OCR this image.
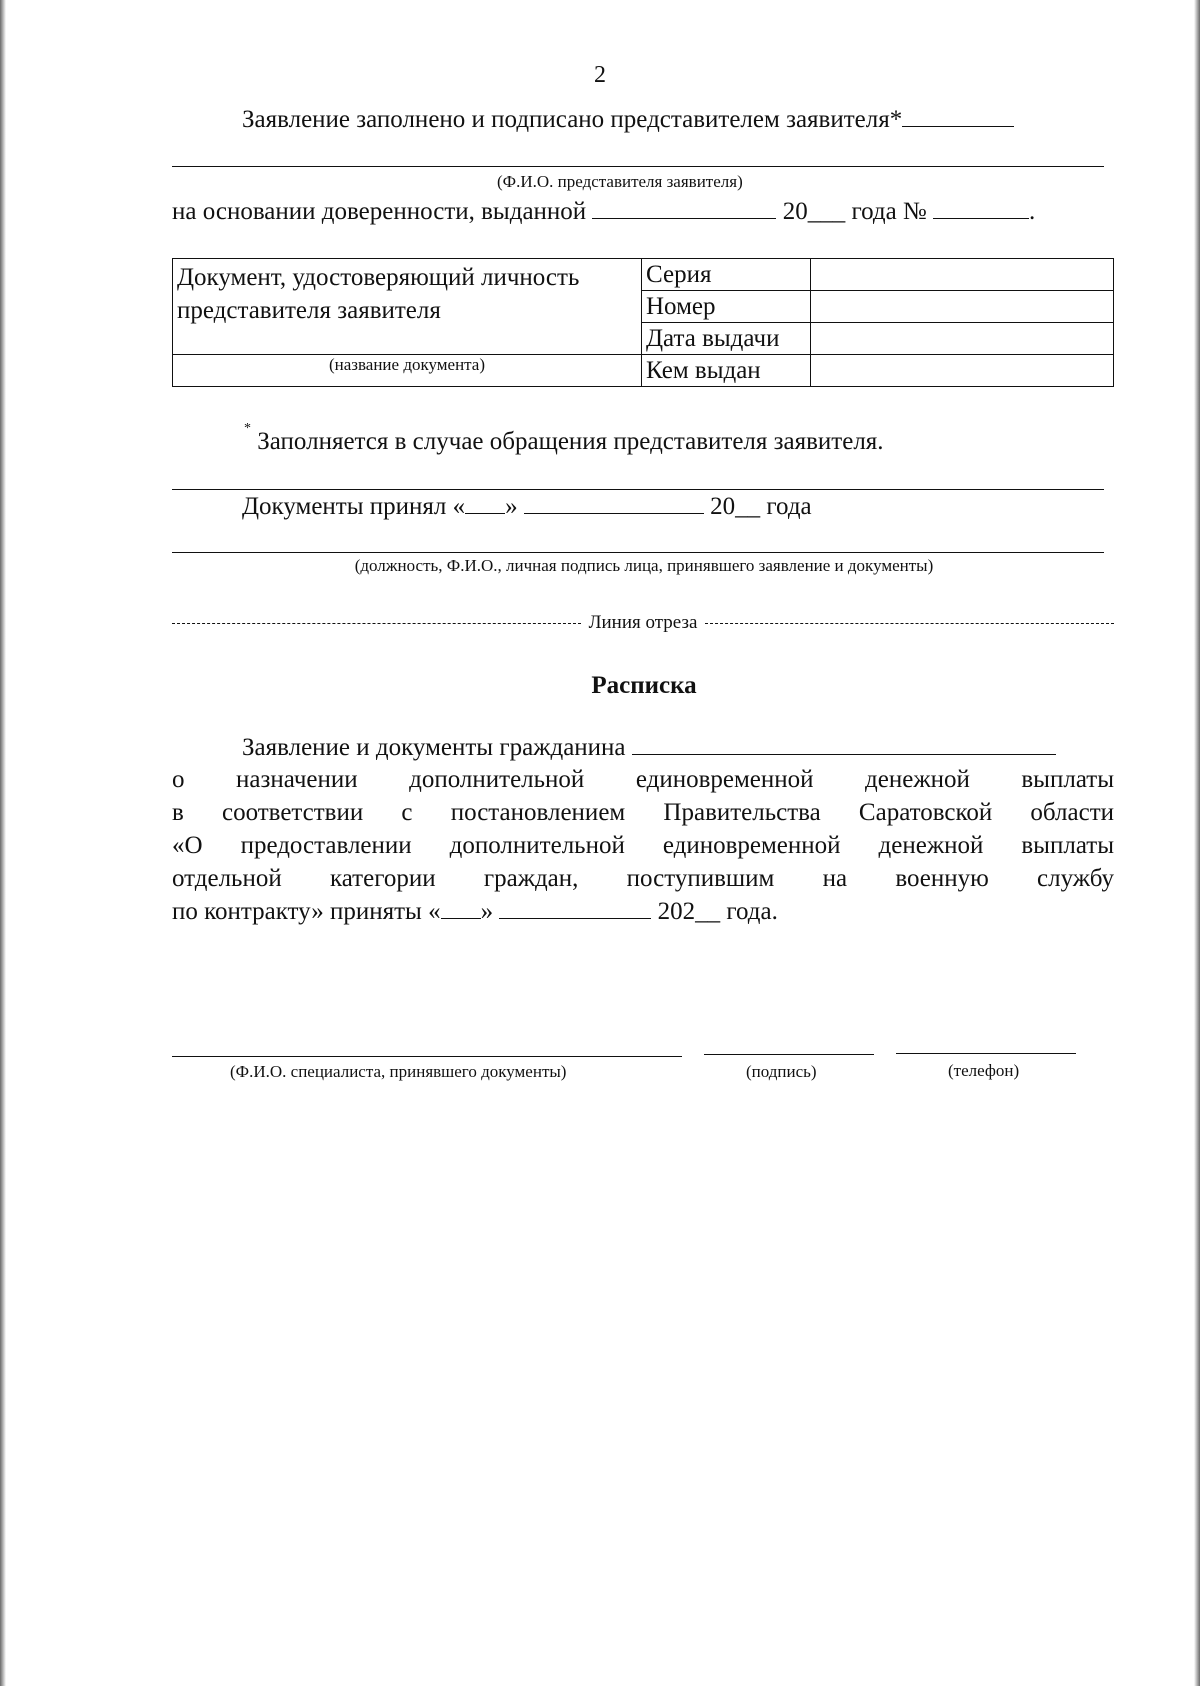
2
Заявление заполнено и подписано представителем заявителя*
(Ф.И.О. представителя заявителя)
на основании доверенности, выданной	20___ года №	.
Документ, удостоверяющий личность представителя заявителя	Серия	
	Номер	
	Дата выдачи	
(название документа)	Кем выдан	
* Заполняется в случае обращения представителя заявителя.
Документы принял « »	20__ года
(должность, Ф.И.О., личная подпись лица, принявшего заявление и документы)
Линия отреза
Расписка
Заявление и документы гражданина
о назначении дополнительной единовременной денежной выплаты
в соответствии с постановлением Правительства Саратовской области
«О предоставлении дополнительной единовременной денежной выплаты
отдельной категории граждан, поступившим на военную службу
по контракту» приняты « »	202__ года.
(Ф.И.О. специалиста, принявшего документы)	(подпись)	(телефон)
